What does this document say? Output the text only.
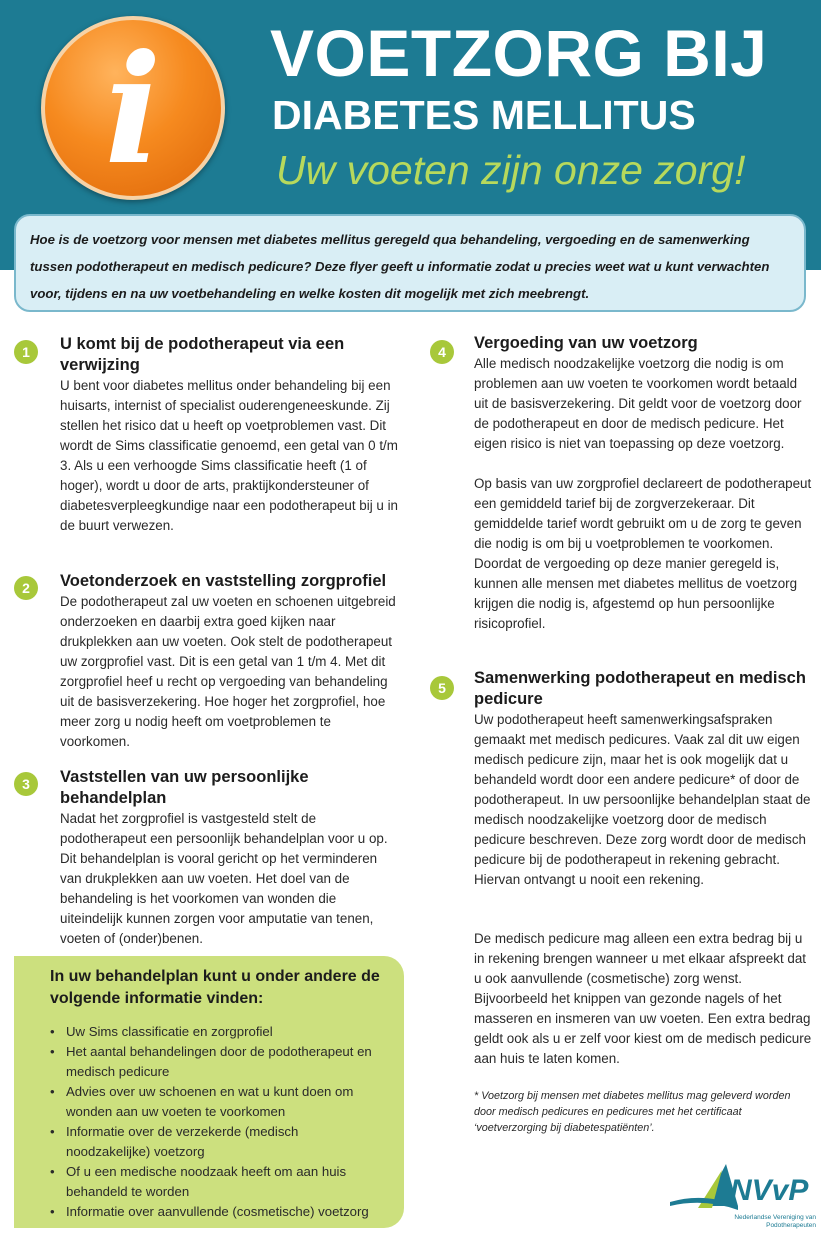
i	VOETZORG BIJ
DIABETES MELLITUS
Uw voeten zijn onze zorg!

Hoe is de voetzorg voor mensen met diabetes mellitus geregeld qua behandeling, vergoeding en de samenwerking tussen podotherapeut en medisch pedicure? Deze flyer geeft u informatie zodat u precies weet wat u kunt verwachten voor, tijdens en na uw voetbehandeling en welke kosten dit mogelijk met zich meebrengt.

1	U komt bij de podotherapeut via een verwijzing

U bent voor diabetes mellitus onder behandeling bij een huisarts, internist of specialist ouderengeneeskunde. Zij stellen het risico dat u heeft op voetproblemen vast. Dit wordt de Sims classificatie genoemd, een getal van 0 t/m 3. Als u een verhoogde Sims classificatie heeft (1 of hoger), wordt u door de arts, praktijkondersteuner of diabetesverpleegkundige naar een podotherapeut bij u in de buurt verwezen.

2	Voetonderzoek en vaststelling zorgprofiel

De podotherapeut zal uw voeten en schoenen uitgebreid onderzoeken en daarbij extra goed kijken naar drukplekken aan uw voeten. Ook stelt de podotherapeut uw zorgprofiel vast. Dit is een getal van 1 t/m 4. Met dit zorgprofiel heef u recht op vergoeding van behandeling uit de basisverzekering. Hoe hoger het zorgprofiel, hoe meer zorg u nodig heeft om voetproblemen te voorkomen.

3	Vaststellen van uw persoonlijke behandelplan

Nadat het zorgprofiel is vastgesteld stelt de podotherapeut een persoonlijk behandelplan voor u op. Dit behandelplan is vooral gericht op het verminderen van drukplekken aan uw voeten. Het doel van de behandeling is het voorkomen van wonden die uiteindelijk kunnen zorgen voor amputatie van tenen, voeten of (onder)benen.

4	Vergoeding van uw voetzorg

Alle medisch noodzakelijke voetzorg die nodig is om problemen aan uw voeten te voorkomen wordt betaald uit de basisverzekering. Dit geldt voor de voetzorg door de podotherapeut en door de medisch pedicure. Het eigen risico is niet van toepassing op deze voetzorg.

Op basis van uw zorgprofiel declareert de podotherapeut een gemiddeld tarief bij de zorgverzekeraar. Dit gemiddelde tarief wordt gebruikt om u de zorg te geven die nodig is om bij u voetproblemen te voorkomen. Doordat de vergoeding op deze manier geregeld is, kunnen alle mensen met diabetes mellitus de voetzorg krijgen die nodig is, afgestemd op hun persoonlijke risicoprofiel.

5
Samenwerking podotherapeut en medisch pedicure

Uw podotherapeut heeft samenwerkingsafspraken gemaakt met medisch pedicures. Vaak zal dit uw eigen medisch pedicure zijn, maar het is ook mogelijk dat u behandeld wordt door een andere pedicure* of door de podotherapeut. In uw persoonlijke behandelplan staat de medisch noodzakelijke voetzorg door de medisch pedicure beschreven. Deze zorg wordt door de medisch pedicure bij de podotherapeut in rekening gebracht. Hiervan ontvangt u nooit een rekening.

De medisch pedicure mag alleen een extra bedrag bij u in rekening brengen wanneer u met elkaar afspreekt dat u ook aanvullende (cosmetische) zorg wenst. Bijvoorbeeld het knippen van gezonde nagels of het masseren en insmeren van uw voeten. Een extra bedrag geldt ook als u er zelf voor kiest om de medisch pedicure aan huis te laten komen.

In uw behandelplan kunt u onder andere de volgende informatie vinden:
• Uw Sims classificatie en zorgprofiel
• Het aantal behandelingen door de podotherapeut en medisch pedicure
• Advies over uw schoenen en wat u kunt doen om wonden aan uw voeten te voorkomen
• Informatie over de verzekerde (medisch noodzakelijke) voetzorg
• Of u een medische noodzaak heeft om aan huis behandeld te worden
• Informatie over aanvullende (cosmetische) voetzorg
* Voetzorg bij mensen met diabetes mellitus mag geleverd worden door medisch pedicures en pedicures met het certificaat ‘voetverzorging bij diabetespatiënten’.
NVvP
Nederlandse Vereniging van Podotherapeuten
